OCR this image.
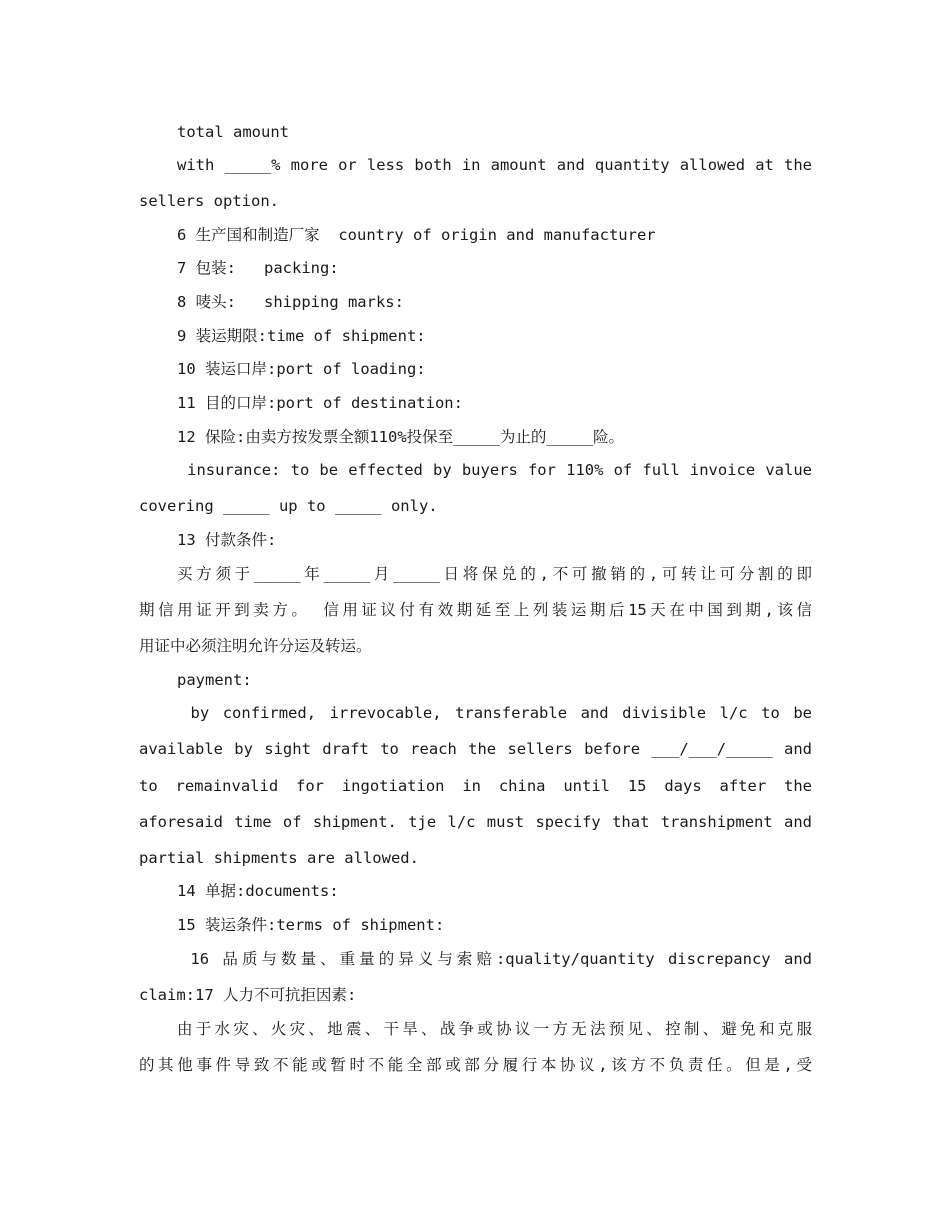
total amount
with _____% more or less both in amount and quantity allowed at the
sellers option.
6 生产国和制造厂家  country of origin and manufacturer
7 包装:   packing:
8 唛头:   shipping marks:
9 装运期限:time of shipment:
10 装运口岸:port of loading:
11 目的口岸:port of destination:
12 保险:由卖方按发票全额110%投保至_____为止的_____险。
insurance: to be effected by buyers for 110% of full invoice value
covering _____ up to _____ only.
13 付款条件:
买方须于_____年_____月_____日将保兑的,不可撤销的,可转让可分割的即
期信用证开到卖方。 信用证议付有效期延至上列装运期后15天在中国到期,该信
用证中必须注明允许分运及转运。
payment:
by confirmed, irrevocable, transferable and divisible l/c to be
available by sight draft to reach the sellers before ___/___/_____ and
to remainvalid for ingotiation in china until 15 days after the
aforesaid time of shipment. tje l/c must specify that transhipment and
partial shipments are allowed.
14 单据:documents:
15 装运条件:terms of shipment:
16 品质与数量、重量的异义与索赔:quality/quantity discrepancy and
claim:17 人力不可抗拒因素:
由于水灾、火灾、地震、干旱、战争或协议一方无法预见、控制、避免和克服
的其他事件导致不能或暂时不能全部或部分履行本协议,该方不负责任。但是,受
